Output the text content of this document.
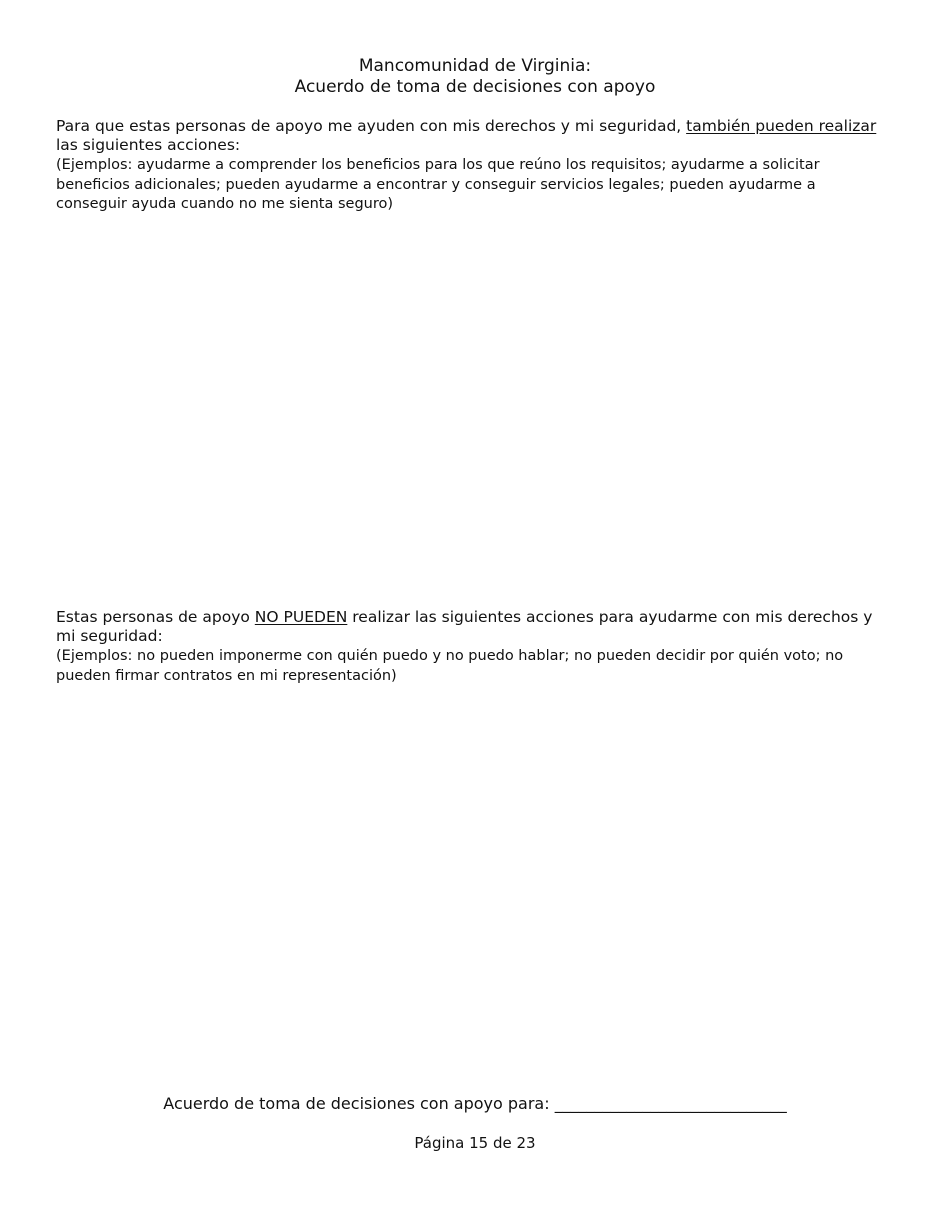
Mancomunidad de Virginia:
Acuerdo de toma de decisiones con apoyo

Para que estas personas de apoyo me ayuden con mis derechos y mi seguridad, también pueden realizar las siguientes acciones:

(Ejemplos: ayudarme a comprender los beneficios para los que reúno los requisitos; ayudarme a solicitar beneficios adicionales; pueden ayudarme a encontrar y conseguir servicios legales; pueden ayudarme a conseguir ayuda cuando no me sienta seguro)

Estas personas de apoyo NO PUEDEN realizar las siguientes acciones para ayudarme con mis derechos y mi seguridad:

(Ejemplos: no pueden imponerme con quién puedo y no puedo hablar; no pueden decidir por quién voto; no pueden firmar contratos en mi representación)

Acuerdo de toma de decisiones con apoyo para: _____________________________
Página 15 de 23
